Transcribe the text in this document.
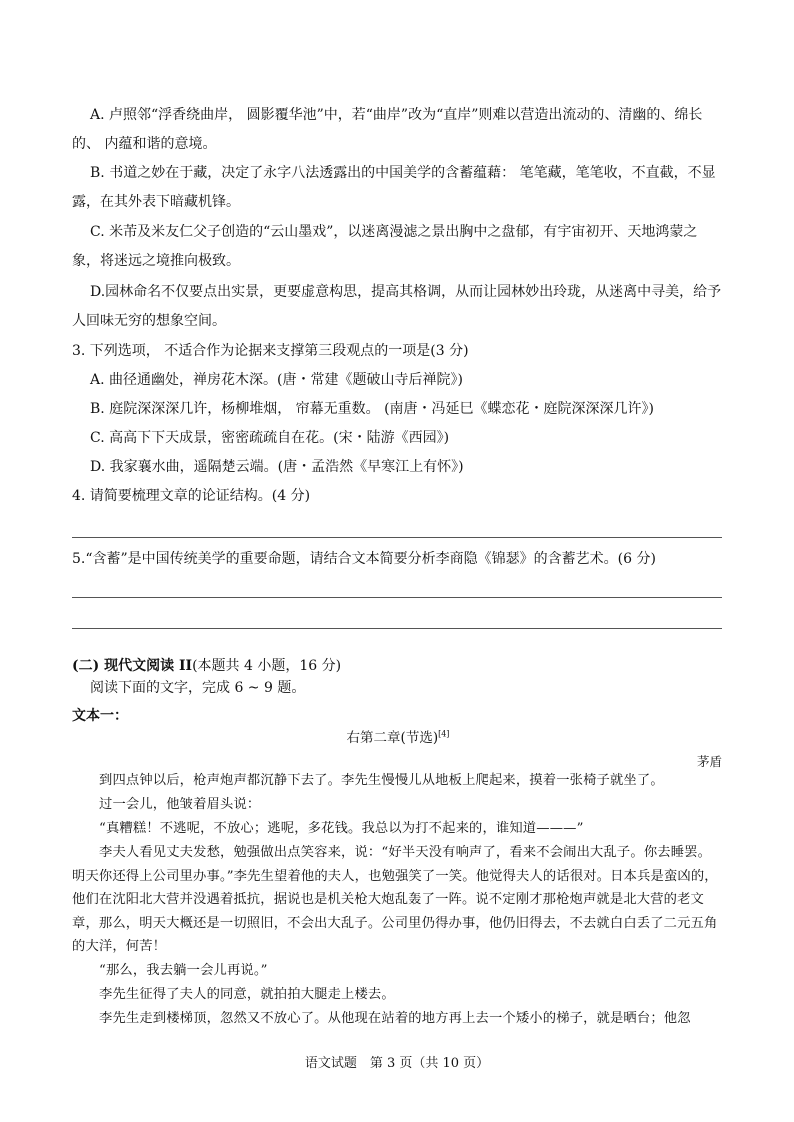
A. 卢照邻“浮香绕曲岸， 圆影覆华池”中，若“曲岸”改为“直岸”则难以营造出流动的、清幽的、绵长的、 内蕴和谐的意境。
B. 书道之妙在于藏，决定了永字八法透露出的中国美学的含蓄蕴藉： 笔笔藏，笔笔收，不直截，不显露，在其外表下暗藏机锋。
C. 米芾及米友仁父子创造的“云山墨戏”，以迷离漫滤之景出胸中之盘郁，有宇宙初开、天地鸿蒙之象，将迷远之境推向极致。
D.园林命名不仅要点出实景，更要虚意构思，提高其格调，从而让园林妙出玲珑，从迷离中寻美，给予人回味无穷的想象空间。
3. 下列选项， 不适合作为论据来支撑第三段观点的一项是(3 分)
A. 曲径通幽处，禅房花木深。(唐・常建《题破山寺后禅院》)
B. 庭院深深深几许，杨柳堆烟， 帘幕无重数。 (南唐・冯延巳《蝶恋花・庭院深深深几许》)
C. 高高下下天成景，密密疏疏自在花。(宋・陆游《西园》)
D. 我家襄水曲，遥隔楚云端。(唐・孟浩然《早寒江上有怀》)
4. 请简要梳理文章的论证结构。(4 分)
5.“含蓄”是中国传统美学的重要命题，请结合文本简要分析李商隐《锦瑟》的含蓄艺术。(6 分)
(二) 现代文阅读 II(本题共 4 小题，16 分)
阅读下面的文字，完成 6 ~ 9 题。
文本一：
右第二章(节选)[4]
茅盾
到四点钟以后，枪声炮声都沉静下去了。李先生慢慢儿从地板上爬起来，摸着一张椅子就坐了。
过一会儿，他皱着眉头说：
“真糟糕！不逃呢，不放心；逃呢，多花钱。我总以为打不起来的，谁知道———”
李夫人看见丈夫发愁，勉强做出点笑容来，说：“好半天没有响声了，看来不会闹出大乱子。你去睡罢。明天你还得上公司里办事。”李先生望着他的夫人，也勉强笑了一笑。他觉得夫人的话很对。日本兵是蛮凶的，他们在沈阳北大营并没遇着抵抗，据说也是机关枪大炮乱轰了一阵。说不定刚才那枪炮声就是北大营的老文章，那么，明天大概还是一切照旧，不会出大乱子。公司里仍得办事，他仍旧得去，不去就白白丢了二元五角的大洋，何苦！
“那么，我去躺一会儿再说。”
李先生征得了夫人的同意，就拍拍大腿走上楼去。
李先生走到楼梯顶，忽然又不放心了。从他现在站着的地方再上去一个矮小的梯子，就是晒台；他忽
语文试题　第 3 页（共 10 页）
